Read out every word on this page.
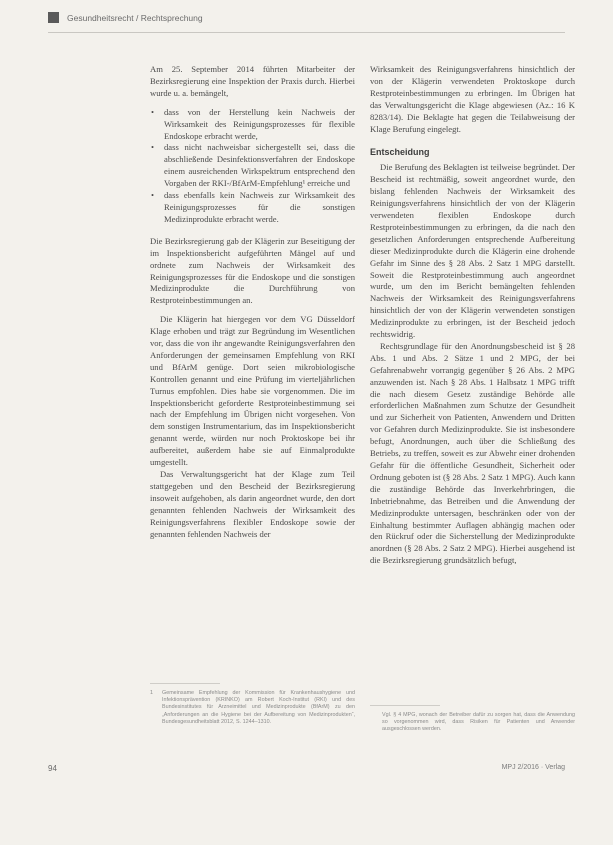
Gesundheitsrecht / Rechtsprechung

Am 25. September 2014 führten Mitarbeiter der Bezirksregierung eine Inspektion der Praxis durch. Hierbei wurde u. a. bemängelt,

• dass von der Herstellung kein Nachweis der Wirksamkeit des Reinigungsprozesses für flexible Endoskope erbracht werde,
• dass nicht nachweisbar sichergestellt sei, dass die abschließende Desinfektionsverfahren der Endoskope einem ausreichenden Wirkspektrum entsprechend den Vorgaben der RKI-/BfArM-Empfehlung¹ erreiche und
• dass ebenfalls kein Nachweis zur Wirksamkeit des Reinigungsprozesses für die sonstigen Medizinprodukte erbracht werde.

Die Bezirksregierung gab der Klägerin zur Beseitigung der im Inspektionsbericht aufgeführten Mängel auf und ordnete zum Nachweis der Wirksamkeit des Reinigungsprozesses für die Endoskope und die sonstigen Medizinprodukte die Durchführung von Restproteinbestimmungen an.

Die Klägerin hat hiergegen vor dem VG Düsseldorf Klage erhoben und trägt zur Begründung im Wesentlichen vor, dass die von ihr angewandte Reinigungsverfahren den Anforderungen der gemeinsamen Empfehlung von RKI und BfArM genüge. Dort seien mikrobiologische Kontrollen genannt und eine Prüfung im vierteljährlichen Turnus empfohlen. Dies habe sie vorgenommen. Die im Inspektionsbericht geforderte Restproteinbestimmung sei nach der Empfehlung im Übrigen nicht vorgesehen. Von dem sonstigen Instrumentarium, das im Inspektionsbericht genannt werde, würden nur noch Proktoskope bei ihr aufbereitet, außerdem habe sie auf Einmalprodukte umgestellt.

Das Verwaltungsgericht hat der Klage zum Teil stattgegeben und den Bescheid der Bezirksregierung insoweit aufgehoben, als darin angeordnet wurde, den dort genannten fehlenden Nachweis der Wirksamkeit des Reinigungsverfahrens flexibler Endoskope sowie der genannten fehlenden Nachweis der

Wirksamkeit des Reinigungsverfahrens hinsichtlich der von der Klägerin verwendeten Proktoskope durch Restproteinbestimmungen zu erbringen. Im Übrigen hat das Verwaltungsgericht die Klage abgewiesen (Az.: 16 K 8283/14). Die Beklagte hat gegen die Teilabweisung der Klage Berufung eingelegt.

Entscheidung

Die Berufung des Beklagten ist teilweise begründet. Der Bescheid ist rechtmäßig, soweit angeordnet wurde, den bislang fehlenden Nachweis der Wirksamkeit des Reinigungsverfahrens hinsichtlich der von der Klägerin verwendeten flexiblen Endoskope durch Restproteinbestimmungen zu erbringen, da die nach den gesetzlichen Anforderungen entsprechende Aufbereitung dieser Medizinprodukte durch die Klägerin eine drohende Gefahr im Sinne des § 28 Abs. 2 Satz 1 MPG darstellt. Soweit die Restproteinbestimmung auch angeordnet wurde, um den im Bericht bemängelten fehlenden Nachweis der Wirksamkeit des Reinigungsverfahrens hinsichtlich der von der Klägerin verwendeten sonstigen Medizinprodukte zu erbringen, ist der Bescheid jedoch rechtswidrig.

Rechtsgrundlage für den Anordnungsbescheid ist § 28 Abs. 1 und Abs. 2 Sätze 1 und 2 MPG, der bei Gefahrenabwehr vorrangig gegenüber § 26 Abs. 2 MPG anzuwenden ist. Nach § 28 Abs. 1 Halbsatz 1 MPG trifft die nach diesem Gesetz zuständige Behörde alle erforderlichen Maßnahmen zum Schutze der Gesundheit und zur Sicherheit von Patienten, Anwendern und Dritten vor Gefahren durch Medizinprodukte. Sie ist insbesondere befugt, Anordnungen, auch über die Schließung des Betriebs, zu treffen, soweit es zur Abwehr einer drohenden Gefahr für die öffentliche Gesundheit, Sicherheit oder Ordnung geboten ist (§ 28 Abs. 2 Satz 1 MPG). Auch kann die zuständige Behörde das Inverkehrbringen, die Inbetriebnahme, das Betreiben und die Anwendung der Medizinprodukte untersagen, beschränken oder von der Einhaltung bestimmter Auflagen abhängig machen oder den Rückruf oder die Sicherstellung der Medizinprodukte anordnen (§ 28 Abs. 2 Satz 2 MPG). Hierbei ausgehend ist die Bezirksregierung grundsätzlich befugt,

1 Gemeinsame Empfehlung der Kommission für Krankenhaushygiene und Infektionsprävention (KRINKO) am Robert Koch-Institut (RKI) und des Bundesinstitutes für Arzneimittel und Medizinprodukte (BfArM) zu den „Anforderungen an die Hygiene bei der Aufbereitung von Medizinprodukten“, Bundesgesundheitsblatt 2012, S. 1244–1310.
Vgl. § 4 MPG, wonach der Betreiber dafür zu sorgen hat, dass die Anwendung so vorgenommen wird, dass Risiken für Patienten und Anwender ausgeschlossen werden.
94	MPJ 2/2016 · Verlag
